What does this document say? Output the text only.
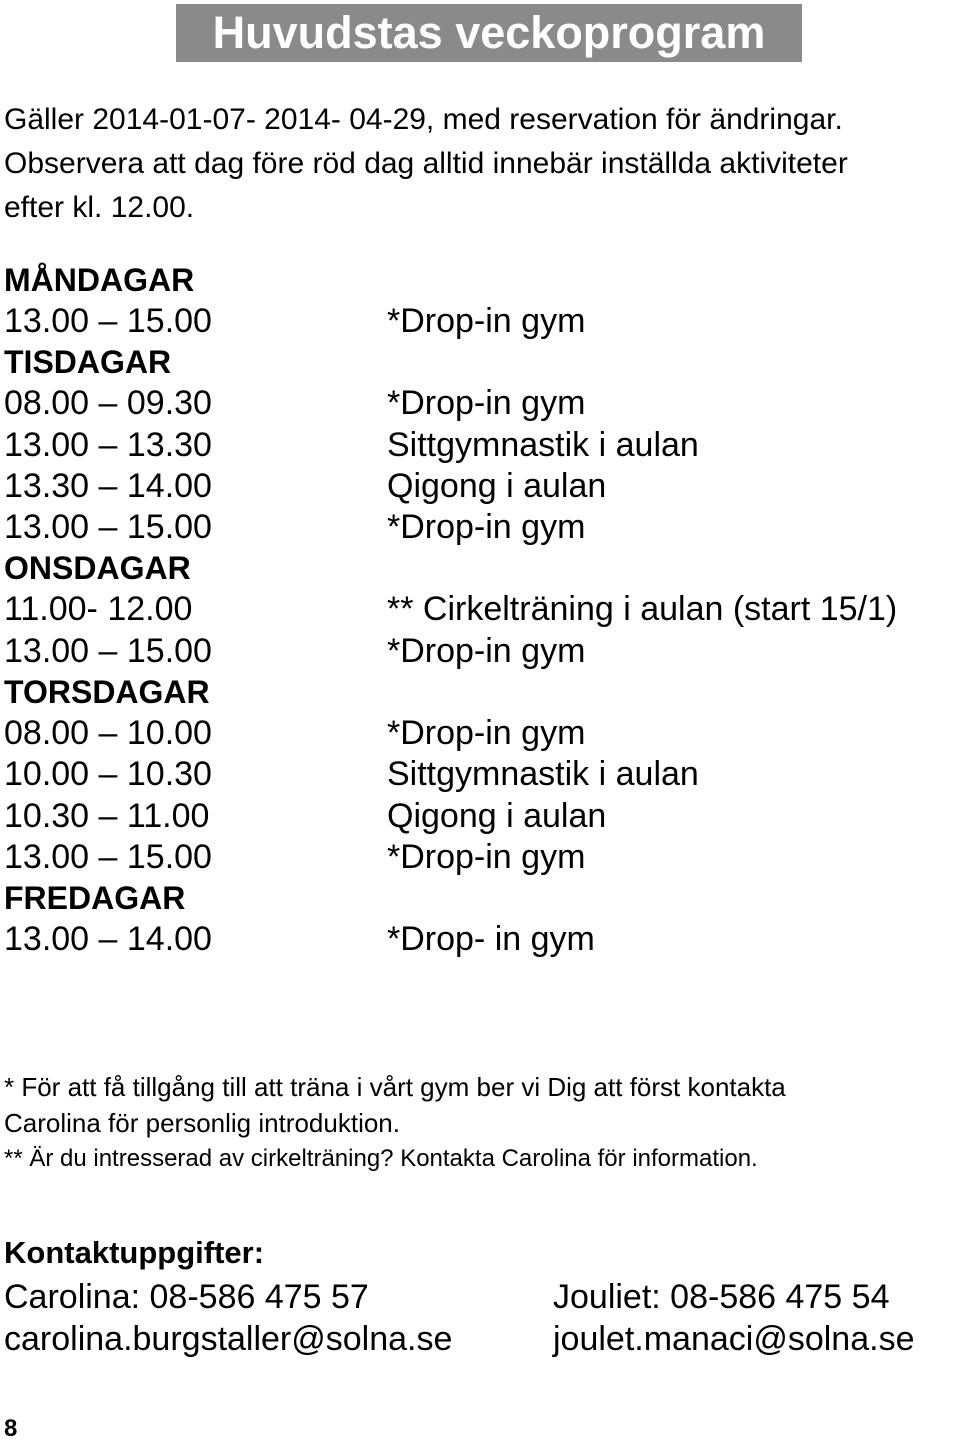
Huvudstas veckoprogram
Gäller 2014-01-07- 2014- 04-29, med reservation för ändringar.
Observera att dag före röd dag alltid innebär inställda aktiviteter
efter kl. 12.00.
MÅNDAGAR
13.00 – 15.00	*Drop-in gym
TISDAGAR
08.00 – 09.30	*Drop-in gym
13.00 – 13.30	Sittgymnastik i aulan
13.30 – 14.00	Qigong i aulan
13.00 – 15.00	*Drop-in gym
ONSDAGAR
11.00- 12.00	** Cirkelträning i aulan (start 15/1)
13.00 – 15.00	*Drop-in gym
TORSDAGAR
08.00 – 10.00	*Drop-in gym
10.00 – 10.30	Sittgymnastik i aulan
10.30 – 11.00	Qigong i aulan
13.00 – 15.00	*Drop-in gym
FREDAGAR
13.00 – 14.00	*Drop- in gym
* För att få tillgång till att träna i vårt gym ber vi Dig att först kontakta
Carolina för personlig introduktion.
** Är du intresserad av cirkelträning? Kontakta Carolina för information.
Kontaktuppgifter:
Carolina: 08-586 475 57
carolina.burgstaller@solna.se
Jouliet: 08-586 475 54
joulet.manaci@solna.se
8
